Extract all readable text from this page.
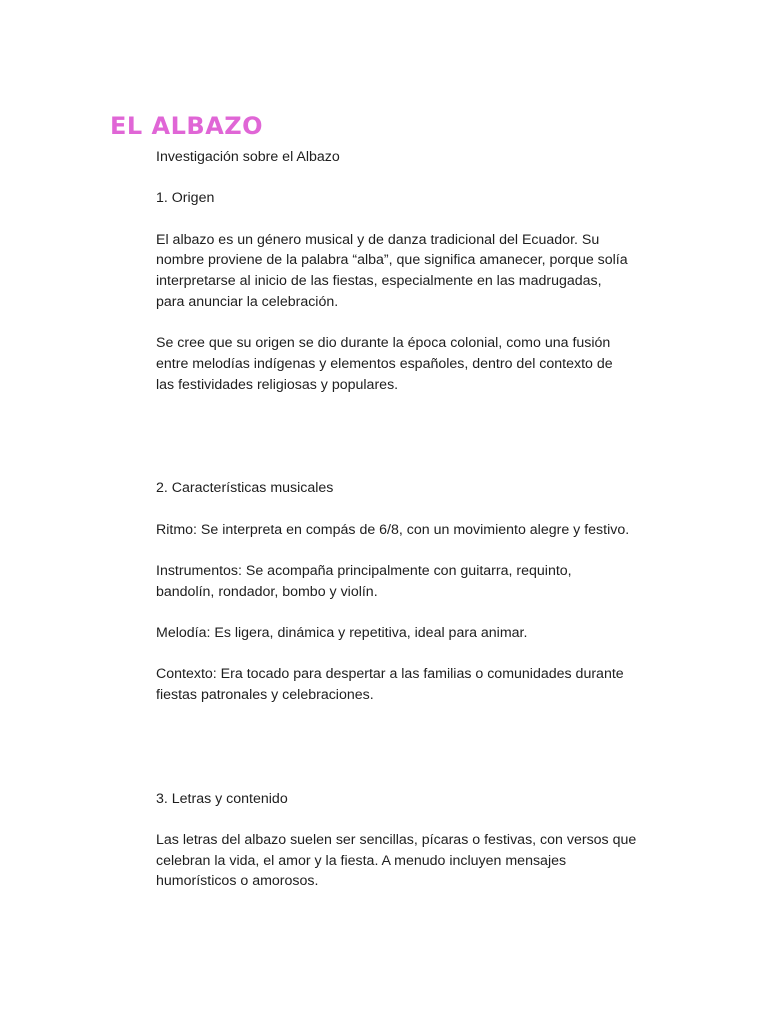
EL ALBAZO

Investigación sobre el Albazo

1. Origen

El albazo es un género musical y de danza tradicional del Ecuador. Su

nombre proviene de la palabra “alba”, que significa amanecer, porque solía

interpretarse al inicio de las fiestas, especialmente en las madrugadas,

para anunciar la celebración.

Se cree que su origen se dio durante la época colonial, como una fusión

entre melodías indígenas y elementos españoles, dentro del contexto de

las festividades religiosas y populares.

2. Características musicales

Ritmo: Se interpreta en compás de 6/8, con un movimiento alegre y festivo.

Instrumentos: Se acompaña principalmente con guitarra, requinto,

bandolín, rondador, bombo y violín.

Melodía: Es ligera, dinámica y repetitiva, ideal para animar.

Contexto: Era tocado para despertar a las familias o comunidades durante

fiestas patronales y celebraciones.

3. Letras y contenido

Las letras del albazo suelen ser sencillas, pícaras o festivas, con versos que

celebran la vida, el amor y la fiesta. A menudo incluyen mensajes

humorísticos o amorosos.
